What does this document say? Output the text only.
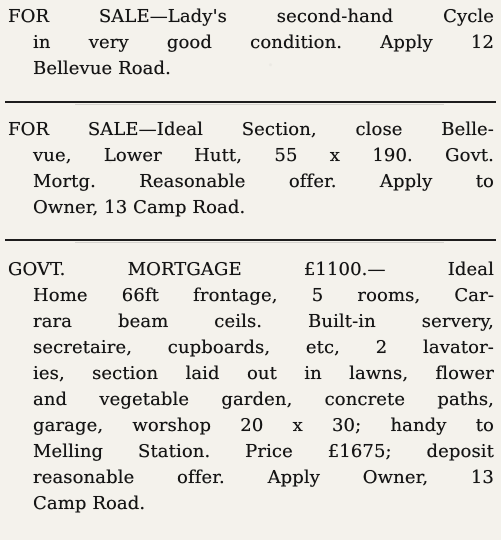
FOR SALE—Lady's second-hand Cycle
in very good condition. Apply 12
Bellevue Road.
FOR SALE—Ideal Section, close Belle-
vue, Lower Hutt, 55 x 190. Govt.
Mortg. Reasonable offer. Apply to
Owner, 13 Camp Road.
GOVT. MORTGAGE £1100.— Ideal
Home 66ft frontage, 5 rooms, Car-
rara beam ceils. Built-in servery,
secretaire, cupboards, etc, 2 lavator-
ies, section laid out in lawns, flower
and vegetable garden, concrete paths,
garage, worshop 20 x 30; handy to
Melling Station. Price £1675; deposit
reasonable offer. Apply Owner, 13
Camp Road.
